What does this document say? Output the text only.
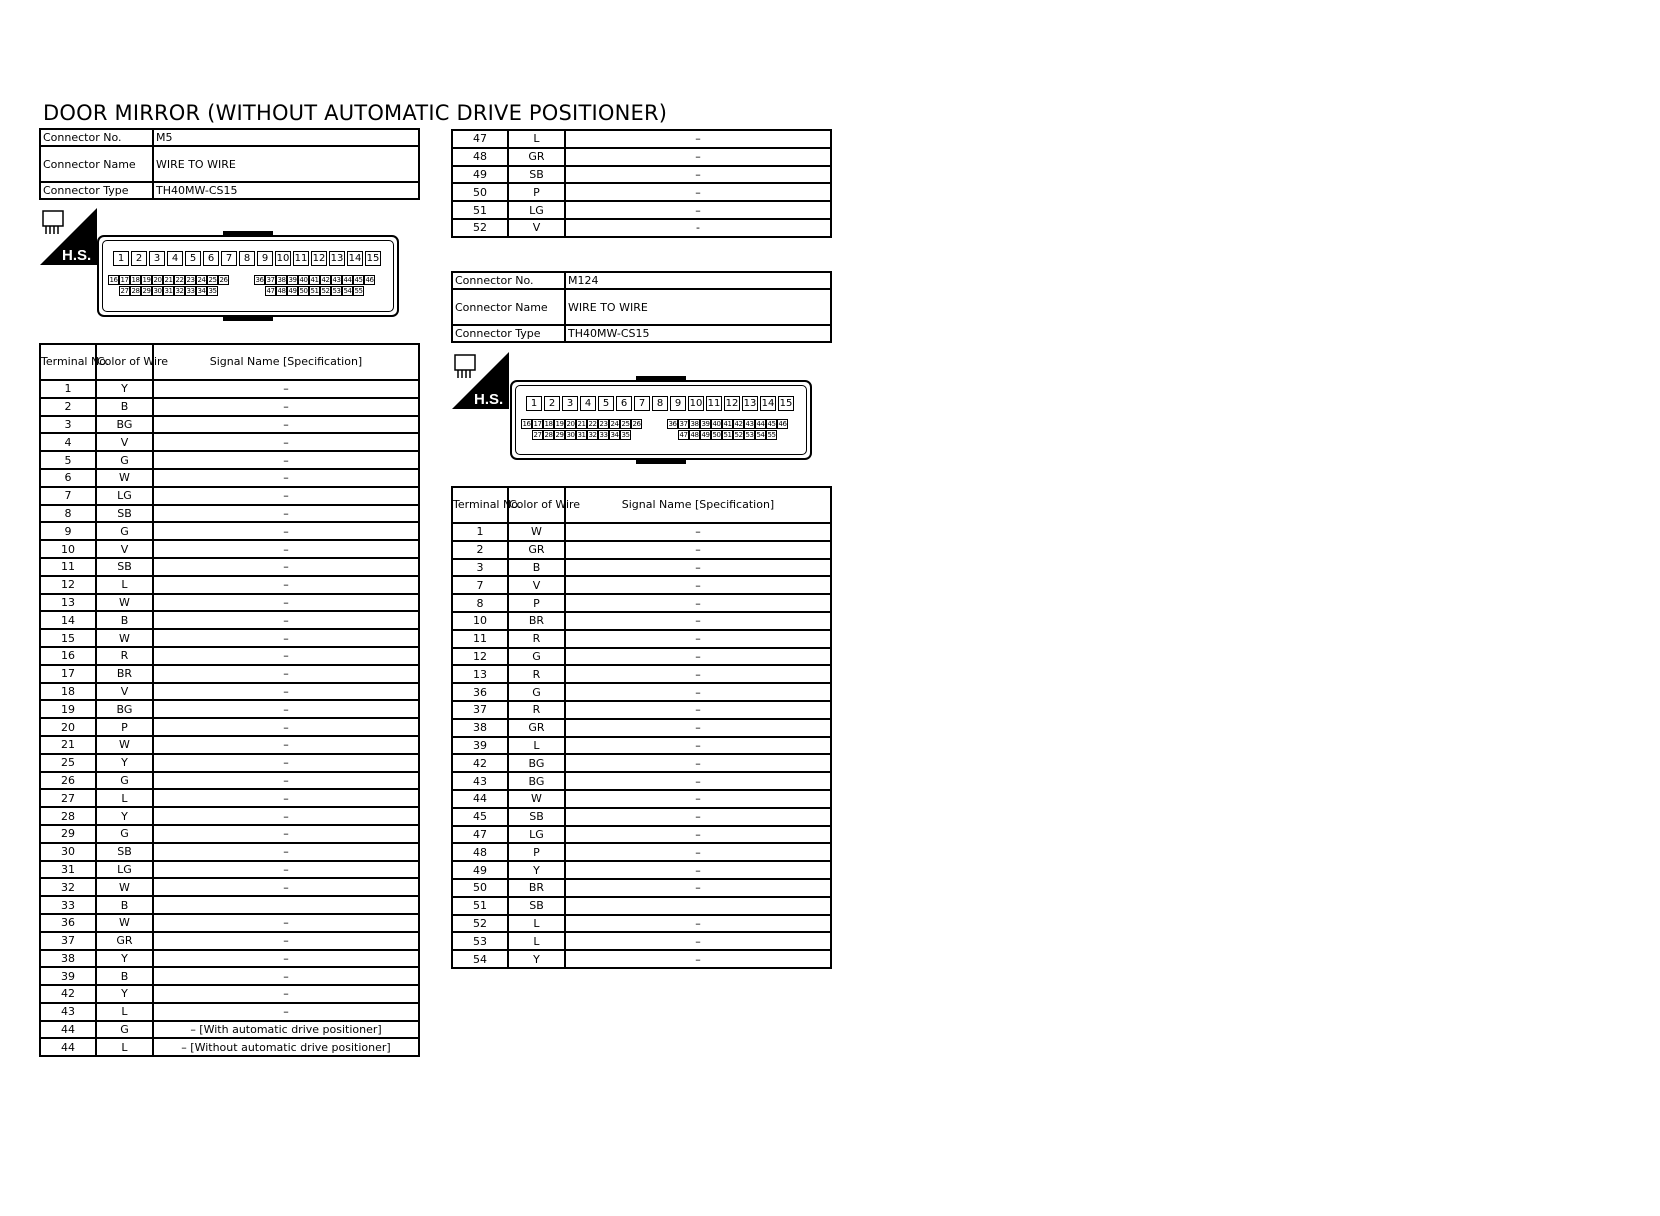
DOOR MIRROR (WITHOUT AUTOMATIC DRIVE POSITIONER)
Connector No.	M5
Connector Name	WIRE TO WIRE
Connector Type	TH40MW-CS15
H.S.	1	2	3	4	5	6	7	8	9 10 11 12 13 14 15
16 17 18 19 20 21 22 23 24 25 26	36 37 38 39 40 41 42 43 44 45 46
27 28 29 30 31 32 33 34 35	47 48 49 50 51 52 53 54 55
Terminal No.	Color of Wire	Signal Name [Specification]
1	Y	–
2	B	–
3	BG	–
4	V	–
5	G	–
6	W	–
7	LG	–
8	SB	–
9	G	–
10	V	–
11	SB	–
12	L	–
13	W	–
14	B	–
15	W	–
16	R	–
17	BR	–
18	V	–
19	BG	–
20	P	–
21	W	–
25	Y	–
26	G	–
27	L	–
28	Y	–
29	G	–
30	SB	–
31	LG	–
32	W	–
33	B	
36	W	–
37	GR	–
38	Y	–
39	B	–
42	Y	–
43	L	–
44	G	– [With automatic drive positioner]
44	L	– [Without automatic drive positioner]
47	L	–
48	GR	–
49	SB	–
50	P	–
51	LG	–
52	V	-
Connector No.	M124
Connector Name	WIRE TO WIRE
Connector Type	TH40MW-CS15
H.S.	1	2	3	4	5	6	7	8	9 10 11 12 13 14 15
16 17 18 19 20 21 22 23 24 25 26	36 37 38 39 40 41 42 43 44 45 46
27 28 29 30 31 32 33 34 35	47 48 49 50 51 52 53 54 55
Terminal No.	Color of Wire	Signal Name [Specification]
1	W	–
2	GR	–
3	B	–
7	V	–
8	P	–
10	BR	–
11	R	–
12	G	–
13	R	–
36	G	–
37	R	–
38	GR	–
39	L	–
42	BG	–
43	BG	–
44	W	–
45	SB	–
47	LG	–
48	P	–
49	Y	–
50	BR	–
51	SB	
52	L	–
53	L	–
54	Y	–
